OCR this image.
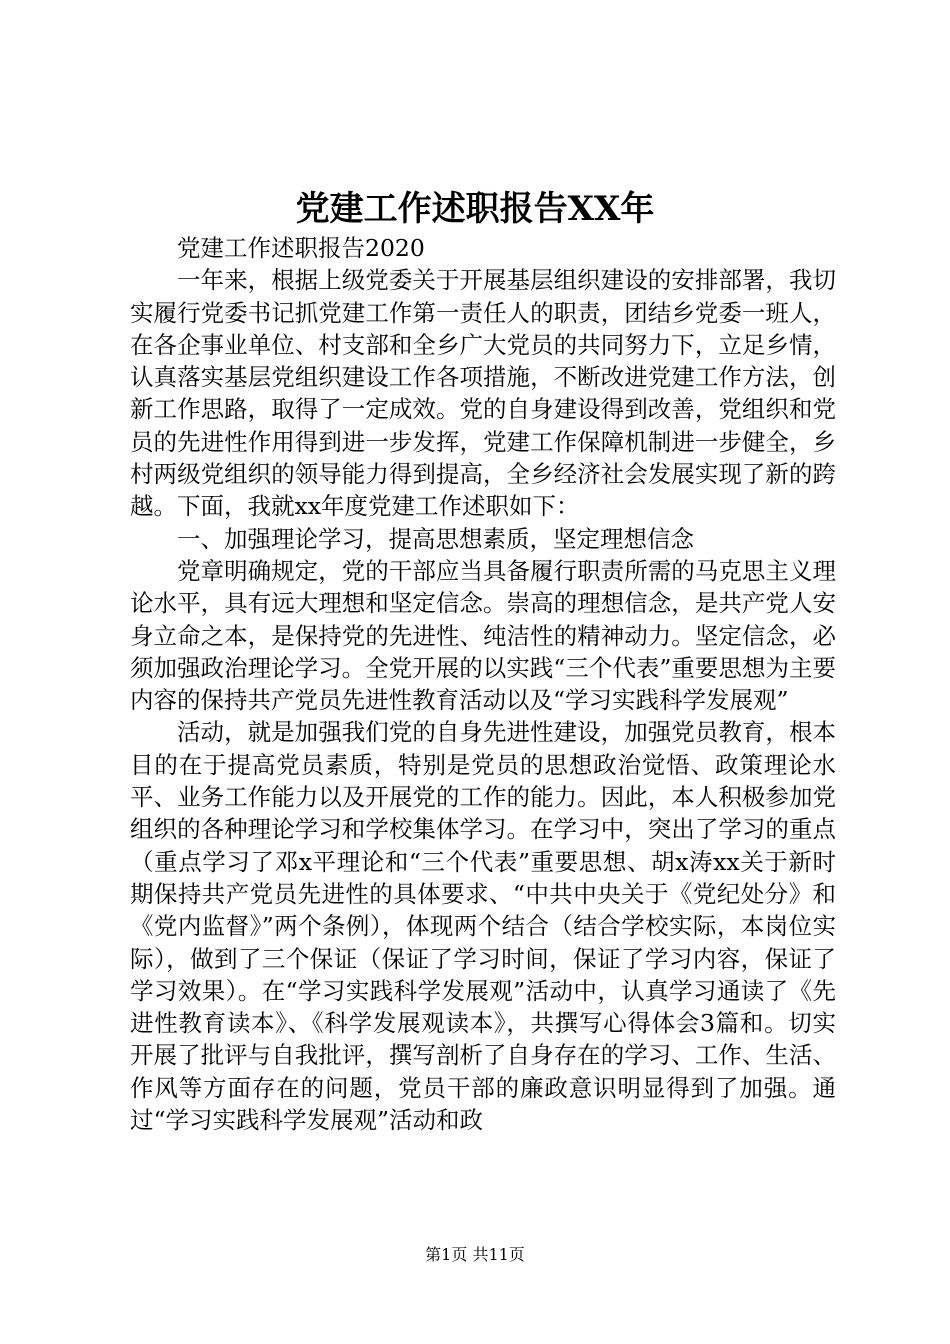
党建工作述职报告XX年

党建工作述职报告2020

一年来，根据上级党委关于开展基层组织建设的安排部署，我切实履行党委书记抓党建工作第一责任人的职责，团结乡党委一班人，在各企事业单位、村支部和全乡广大党员的共同努力下，立足乡情，认真落实基层党组织建设工作各项措施，不断改进党建工作方法，创新工作思路，取得了一定成效。党的自身建设得到改善，党组织和党员的先进性作用得到进一步发挥，党建工作保障机制进一步健全，乡村两级党组织的领导能力得到提高，全乡经济社会发展实现了新的跨越。下面，我就xx年度党建工作述职如下：

一、加强理论学习，提高思想素质，坚定理想信念

党章明确规定，党的干部应当具备履行职责所需的马克思主义理论水平，具有远大理想和坚定信念。崇高的理想信念，是共产党人安身立命之本，是保持党的先进性、纯洁性的精神动力。坚定信念，必须加强政治理论学习。全党开展的以实践“三个代表”重要思想为主要内容的保持共产党员先进性教育活动以及“学习实践科学发展观”

活动，就是加强我们党的自身先进性建设，加强党员教育，根本目的在于提高党员素质，特别是党员的思想政治觉悟、政策理论水平、业务工作能力以及开展党的工作的能力。因此，本人积极参加党组织的各种理论学习和学校集体学习。在学习中，突出了学习的重点（重点学习了邓x平理论和“三个代表”重要思想、胡x涛xx关于新时期保持共产党员先进性的具体要求、“中共中央关于《党纪处分》和《党内监督》”两个条例），体现两个结合（结合学校实际，本岗位实际），做到了三个保证（保证了学习时间，保证了学习内容，保证了学习效果）。在“学习实践科学发展观”活动中，认真学习通读了《先进性教育读本》、《科学发展观读本》，共撰写心得体会3篇和。切实开展了批评与自我批评，撰写剖析了自身存在的学习、工作、生活、作风等方面存在的问题，党员干部的廉政意识明显得到了加强。通过“学习实践科学发展观”活动和政

第1页 共11页
